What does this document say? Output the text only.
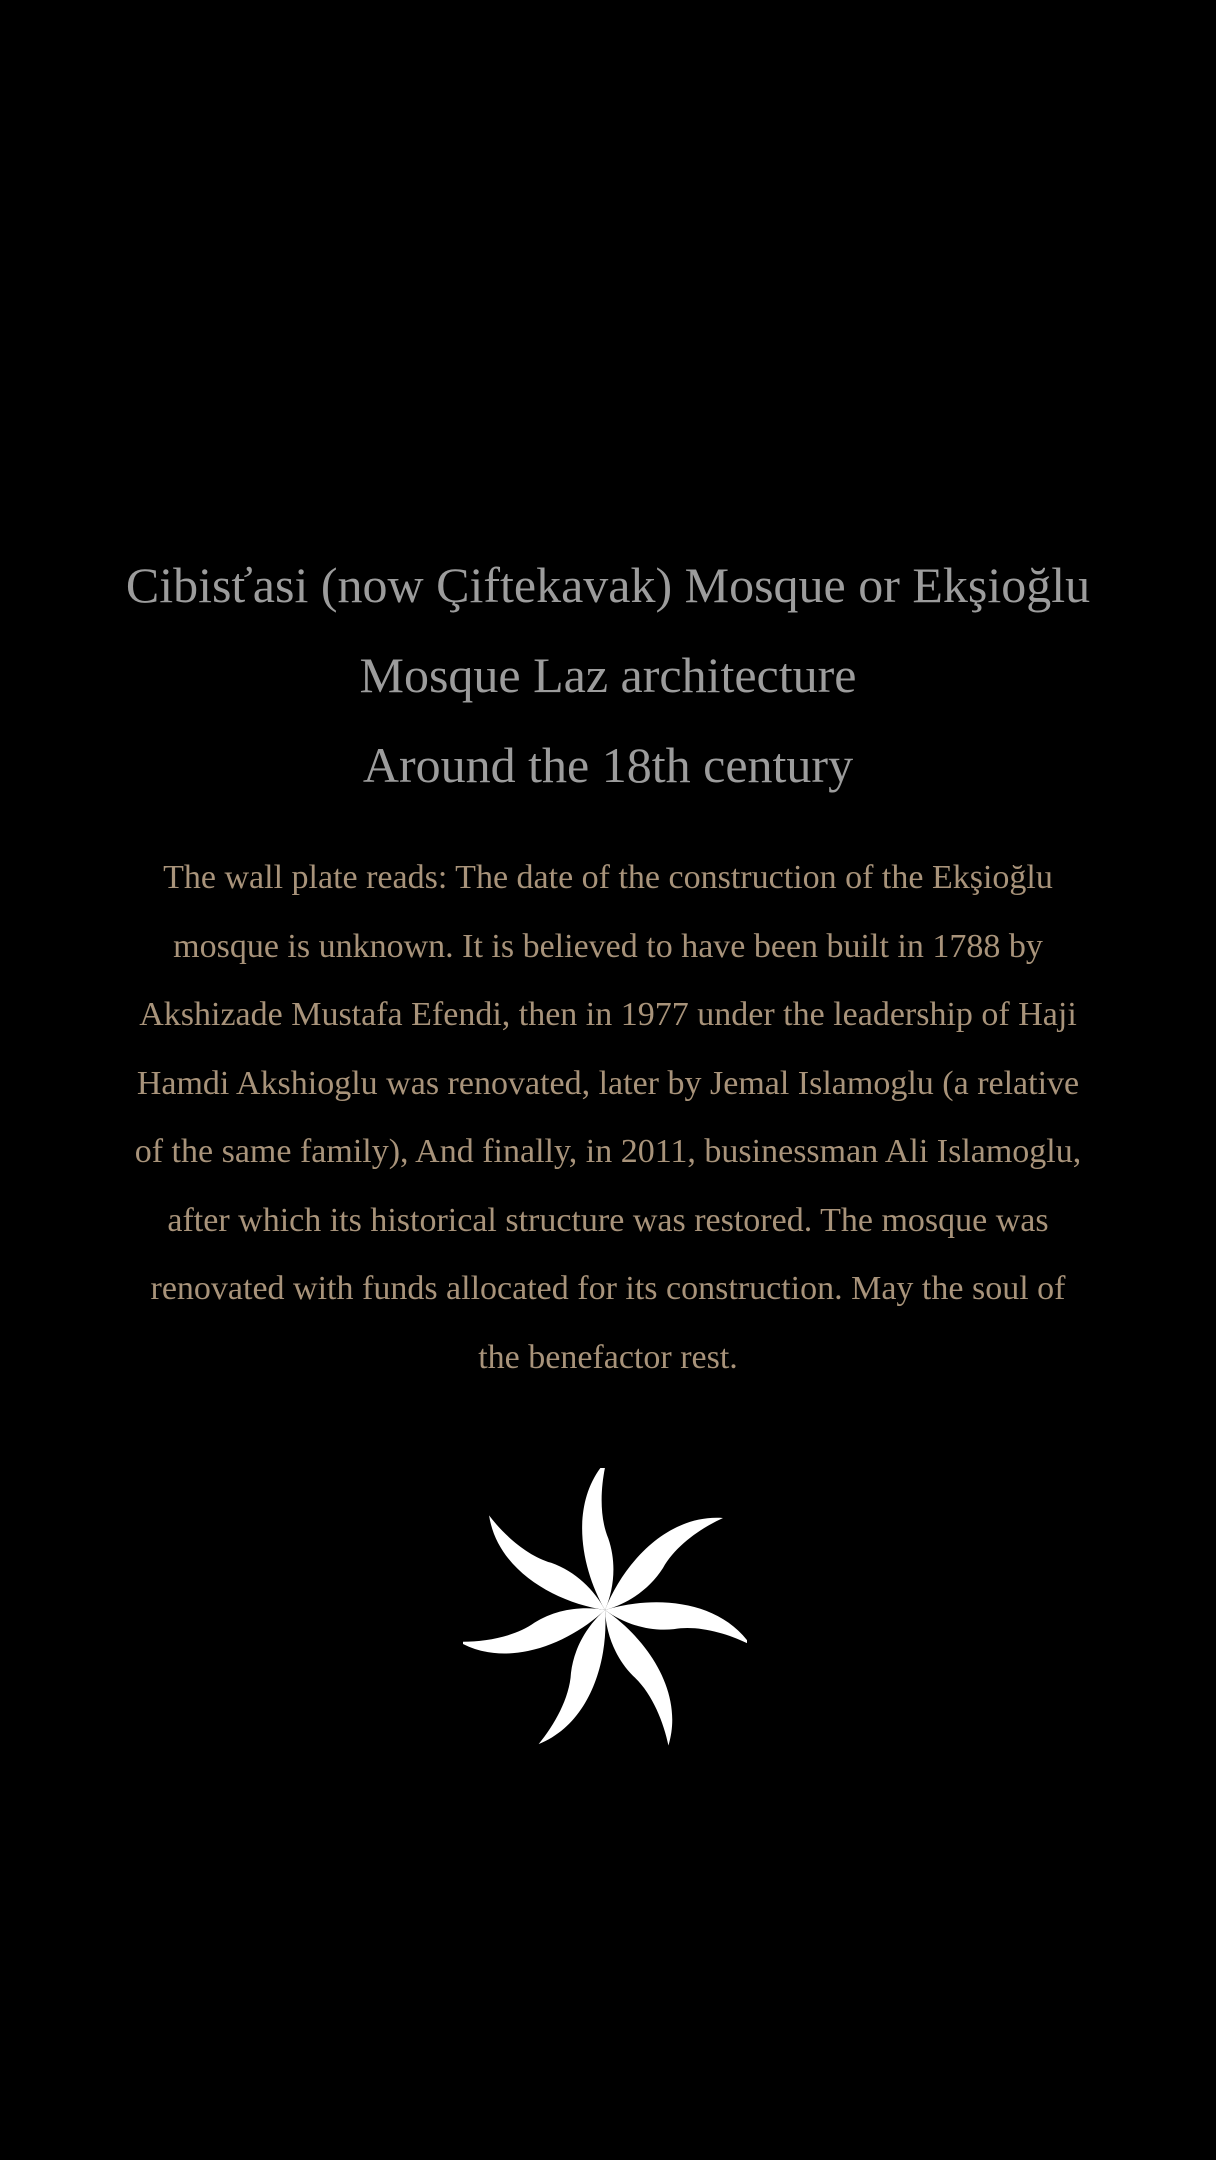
Cibisťasi (now Çiftekavak) Mosque or Ekşioğlu
Mosque Laz architecture
Around the 18th century
The wall plate reads: The date of the construction of the Ekşioğlu
mosque is unknown. It is believed to have been built in 1788 by
Akshizade Mustafa Efendi, then in 1977 under the leadership of Haji
Hamdi Akshioglu was renovated, later by Jemal Islamoglu (a relative
of the same family), And finally, in 2011, businessman Ali Islamoglu,
after which its historical structure was restored. The mosque was
renovated with funds allocated for its construction. May the soul of
the benefactor rest.
